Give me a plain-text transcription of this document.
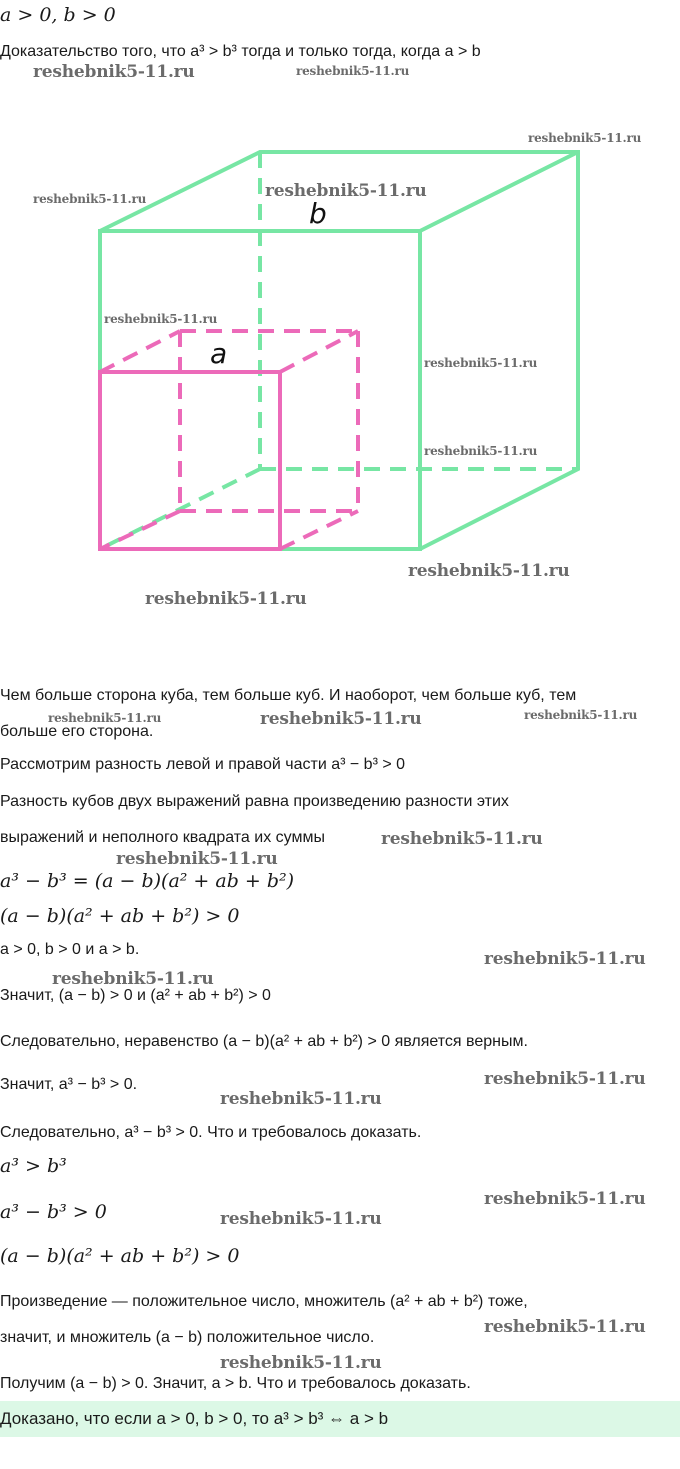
b
a
a > 0, b > 0
Доказательство того, что a³ > b³ тогда и только тогда, когда a > b
Чем больше сторона куба, тем больше куб. И наоборот, чем больше куб, тем
больше его сторона.
Рассмотрим разность левой и правой части a³ − b³ > 0
Разность кубов двух выражений равна произведению разности этих
выражений и неполного квадрата их суммы
a³ − b³ = (a − b)(a² + ab + b²)
(a − b)(a² + ab + b²) > 0
a > 0, b > 0 и a > b.
Значит, (a − b) > 0 и (a² + ab + b²) > 0
Следовательно, неравенство (a − b)(a² + ab + b²) > 0 является верным.
Значит, a³ − b³ > 0.
Следовательно, a³ − b³ > 0. Что и требовалось доказать.
a³ > b³
a³ − b³ > 0
(a − b)(a² + ab + b²) > 0
Произведение — положительное число, множитель (a² + ab + b²) тоже,
значит, и множитель (a − b) положительное число.
Получим (a − b) > 0. Значит, a > b. Что и требовалось доказать.
Доказано, что если a > 0, b > 0, то a³ > b³ ⇔ a > b
reshebnik5-11.ru	reshebnik5-11.ru
reshebnik5-11.ru
reshebnik5-11.ru	reshebnik5-11.ru
reshebnik5-11.ru
reshebnik5-11.ru
reshebnik5-11.ru
reshebnik5-11.ru
reshebnik5-11.ru
reshebnik5-11.ru	reshebnik5-11.ru	reshebnik5-11.ru
reshebnik5-11.ru
reshebnik5-11.ru
reshebnik5-11.ru
reshebnik5-11.ru
reshebnik5-11.ru
reshebnik5-11.ru
reshebnik5-11.ru
reshebnik5-11.ru
reshebnik5-11.ru
reshebnik5-11.ru
